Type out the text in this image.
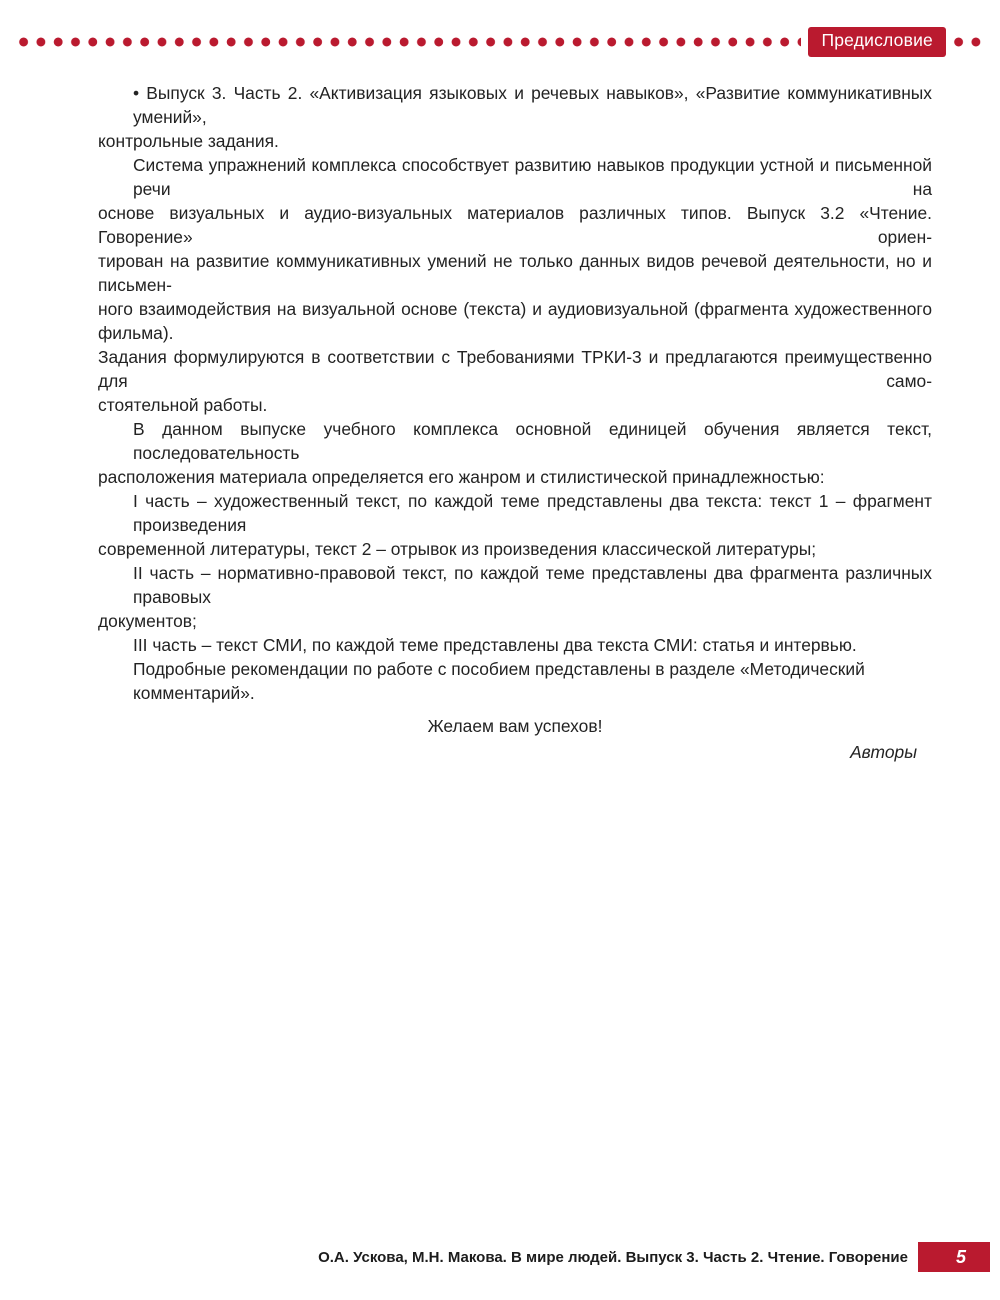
Предисловие
• Выпуск 3. Часть 2. «Активизация языковых и речевых навыков», «Развитие коммуникативных умений»,
контрольные задания.
Система упражнений комплекса способствует развитию навыков продукции устной и письменной речи на
основе визуальных и аудио-визуальных материалов различных типов. Выпуск 3.2 «Чтение. Говорение» ориен-
тирован на развитие коммуникативных умений не только данных видов речевой деятельности, но и письмен-
ного взаимодействия на визуальной основе (текста) и аудиовизуальной (фрагмента художественного фильма).
Задания формулируются в соответствии с Требованиями ТРКИ-3 и предлагаются преимущественно для само-
стоятельной работы.
В данном выпуске учебного комплекса основной единицей обучения является текст, последовательность
расположения материала определяется его жанром и стилистической принадлежностью:
I часть – художественный текст, по каждой теме представлены два текста: текст 1 – фрагмент произведения
современной литературы, текст 2 – отрывок из произведения классической литературы;
II часть – нормативно-правовой текст, по каждой теме представлены два фрагмента различных правовых
документов;
III часть – текст СМИ, по каждой теме представлены два текста СМИ: статья и интервью.
Подробные рекомендации по работе с пособием представлены в разделе «Методический комментарий».
Желаем вам успехов!
Авторы
О.А. Ускова, М.Н. Макова. В мире людей. Выпуск 3. Часть 2. Чтение. Говорение	5
